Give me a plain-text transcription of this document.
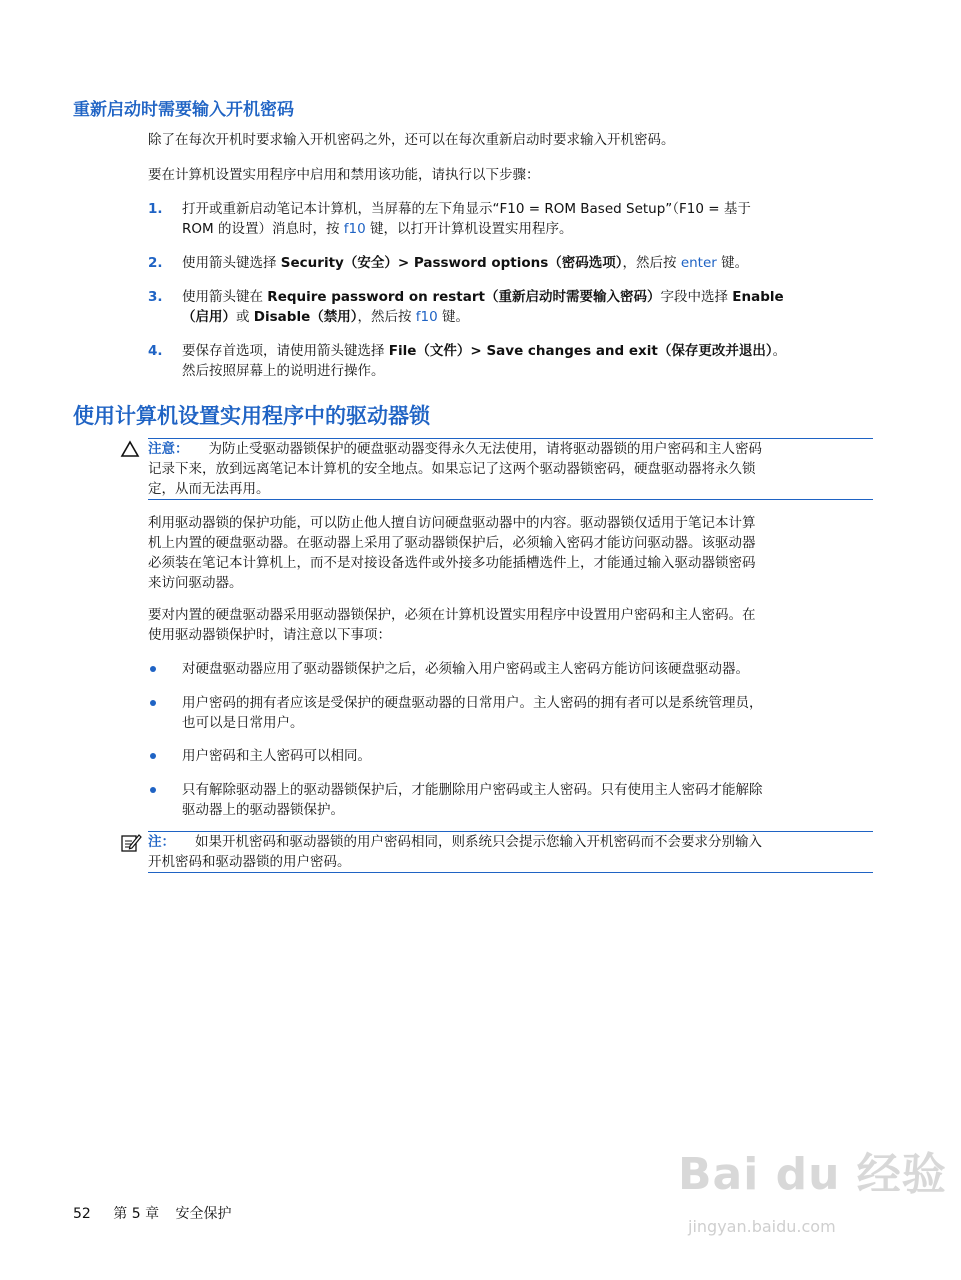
重新启动时需要输入开机密码
除了在每次开机时要求输入开机密码之外，还可以在每次重新启动时要求输入开机密码。
要在计算机设置实用程序中启用和禁用该功能，请执行以下步骤：
1. 打开或重新启动笔记本计算机，当屏幕的左下角显示“F10 = ROM Based Setup”（F10 = 基于
ROM 的设置）消息时，按 f10 键，以打开计算机设置实用程序。
2. 使用箭头键选择 Security（安全）> Password options（密码选项），然后按 enter 键。
3. 使用箭头键在 Require password on restart（重新启动时需要输入密码）字段中选择 Enable
（启用）或 Disable（禁用），然后按 f10 键。
4. 要保存首选项，请使用箭头键选择 File（文件）> Save changes and exit（保存更改并退出）。
然后按照屏幕上的说明进行操作。
使用计算机设置实用程序中的驱动器锁
注意： 为防止受驱动器锁保护的硬盘驱动器变得永久无法使用，请将驱动器锁的用户密码和主人密码
记录下来，放到远离笔记本计算机的安全地点。如果忘记了这两个驱动器锁密码，硬盘驱动器将永久锁
定，从而无法再用。
利用驱动器锁的保护功能，可以防止他人擅自访问硬盘驱动器中的内容。驱动器锁仅适用于笔记本计算
机上内置的硬盘驱动器。在驱动器上采用了驱动器锁保护后，必须输入密码才能访问驱动器。该驱动器
必须装在笔记本计算机上，而不是对接设备选件或外接多功能插槽选件上，才能通过输入驱动器锁密码
来访问驱动器。
要对内置的硬盘驱动器采用驱动器锁保护，必须在计算机设置实用程序中设置用户密码和主人密码。在
使用驱动器锁保护时，请注意以下事项：
对硬盘驱动器应用了驱动器锁保护之后，必须输入用户密码或主人密码方能访问该硬盘驱动器。
用户密码的拥有者应该是受保护的硬盘驱动器的日常用户。主人密码的拥有者可以是系统管理员，
也可以是日常用户。
用户密码和主人密码可以相同。
只有解除驱动器上的驱动器锁保护后，才能删除用户密码或主人密码。只有使用主人密码才能解除
驱动器上的驱动器锁保护。
注： 如果开机密码和驱动器锁的用户密码相同，则系统只会提示您输入开机密码而不会要求分别输入
开机密码和驱动器锁的用户密码。
52 第 5 章 安全保护
Bai du 经验
jingyan.baidu.com
